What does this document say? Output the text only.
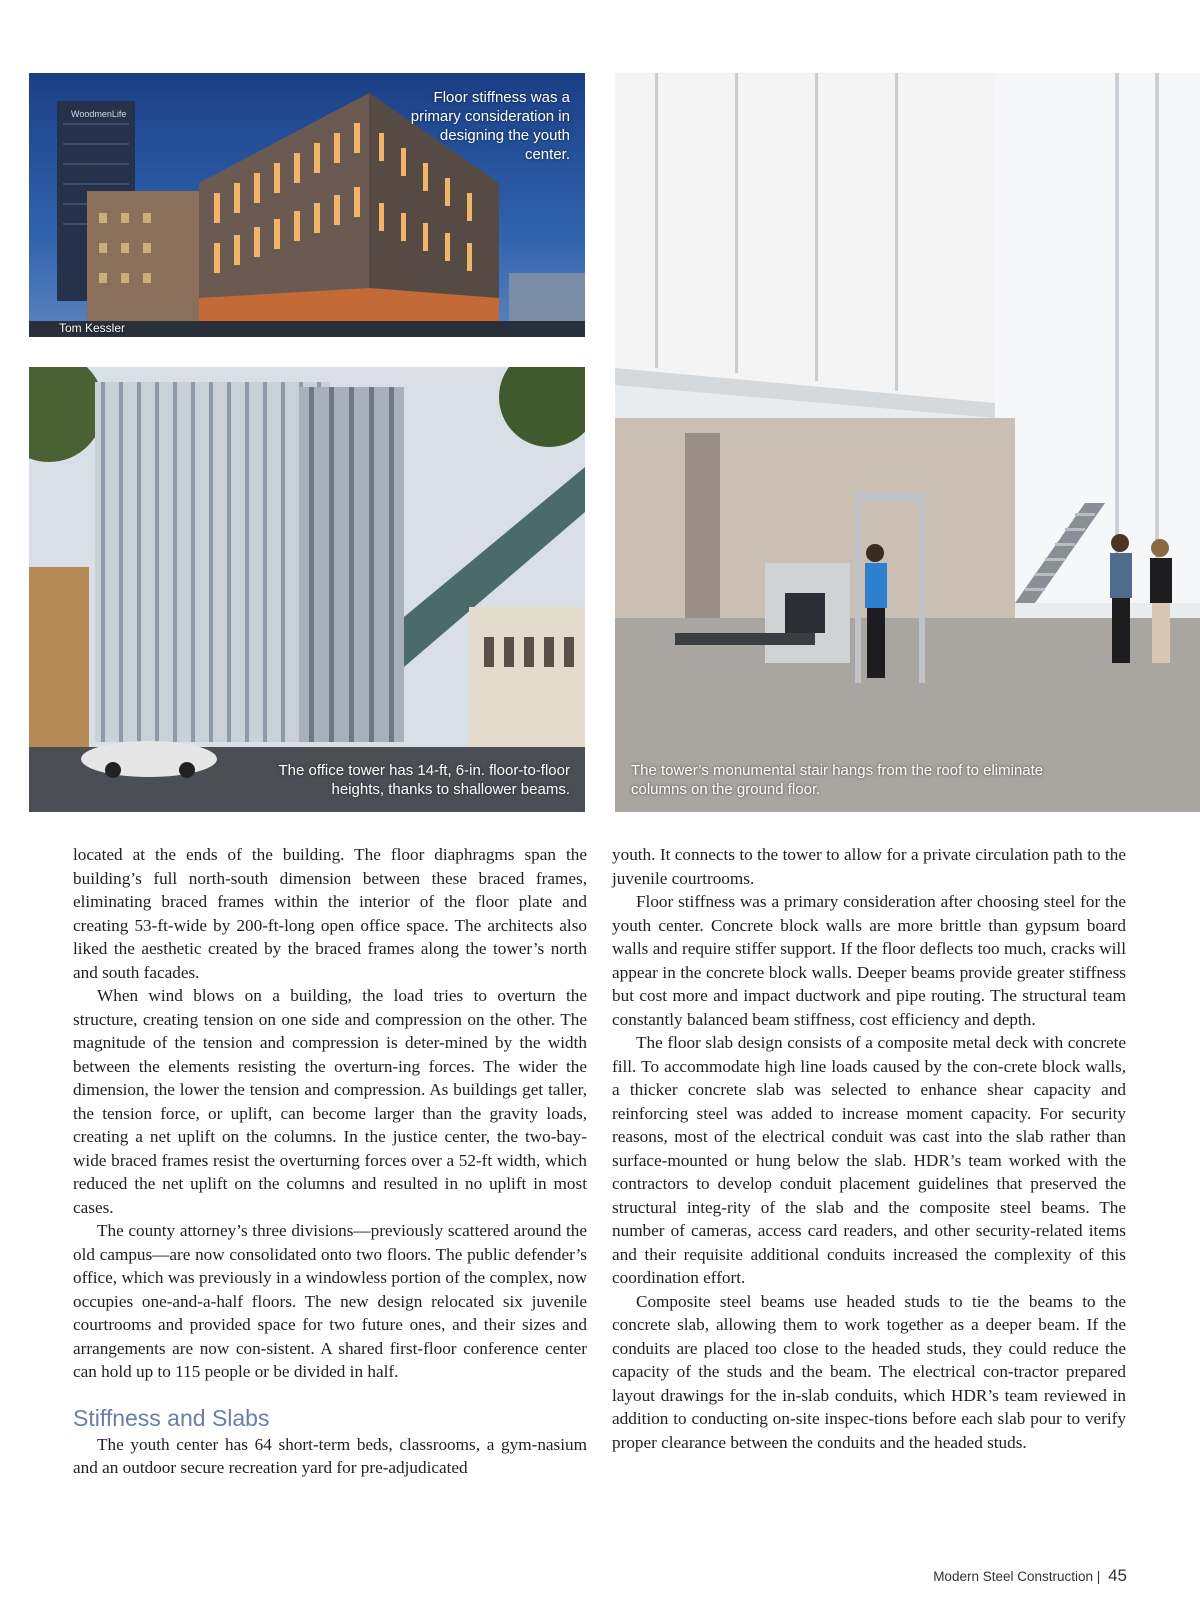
WoodmenLife
Floor stiffness was a primary consideration in designing the youth center.
Tom Kessler
The office tower has 14-ft, 6-in. floor-to-floor heights, thanks to shallower beams.
The tower’s monumental stair hangs from the roof to eliminate columns on the ground floor.

located at the ends of the building. The floor diaphragms span the building’s full north-south dimension between these braced frames, eliminating braced frames within the interior of the floor plate and creating 53-ft-wide by 200-ft-long open office space. The architects also liked the aesthetic created by the braced frames along the tower’s north and south facades.

When wind blows on a building, the load tries to overturn the structure, creating tension on one side and compression on the other. The magnitude of the tension and compression is deter-mined by the width between the elements resisting the overturn-ing forces. The wider the dimension, the lower the tension and compression. As buildings get taller, the tension force, or uplift, can become larger than the gravity loads, creating a net uplift on the columns. In the justice center, the two-bay-wide braced frames resist the overturning forces over a 52-ft width, which reduced the net uplift on the columns and resulted in no uplift in most cases.

The county attorney’s three divisions—previously scattered around the old campus—are now consolidated onto two floors. The public defender’s office, which was previously in a windowless portion of the complex, now occupies one-and-a-half floors. The new design relocated six juvenile courtrooms and provided space for two future ones, and their sizes and arrangements are now con-sistent. A shared first-floor conference center can hold up to 115 people or be divided in half.

Stiffness and Slabs

The youth center has 64 short-term beds, classrooms, a gym-nasium and an outdoor secure recreation yard for pre-adjudicated

youth. It connects to the tower to allow for a private circulation path to the juvenile courtrooms.

Floor stiffness was a primary consideration after choosing steel for the youth center. Concrete block walls are more brittle than gypsum board walls and require stiffer support. If the floor deflects too much, cracks will appear in the concrete block walls. Deeper beams provide greater stiffness but cost more and impact ductwork and pipe routing. The structural team constantly balanced beam stiffness, cost efficiency and depth.

The floor slab design consists of a composite metal deck with concrete fill. To accommodate high line loads caused by the con-crete block walls, a thicker concrete slab was selected to enhance shear capacity and reinforcing steel was added to increase moment capacity. For security reasons, most of the electrical conduit was cast into the slab rather than surface-mounted or hung below the slab. HDR’s team worked with the contractors to develop conduit placement guidelines that preserved the structural integ-rity of the slab and the composite steel beams. The number of cameras, access card readers, and other security-related items and their requisite additional conduits increased the complexity of this coordination effort.

Composite steel beams use headed studs to tie the beams to the concrete slab, allowing them to work together as a deeper beam. If the conduits are placed too close to the headed studs, they could reduce the capacity of the studs and the beam. The electrical con-tractor prepared layout drawings for the in-slab conduits, which HDR’s team reviewed in addition to conducting on-site inspec-tions before each slab pour to verify proper clearance between the conduits and the headed studs.

Modern Steel Construction | 45
